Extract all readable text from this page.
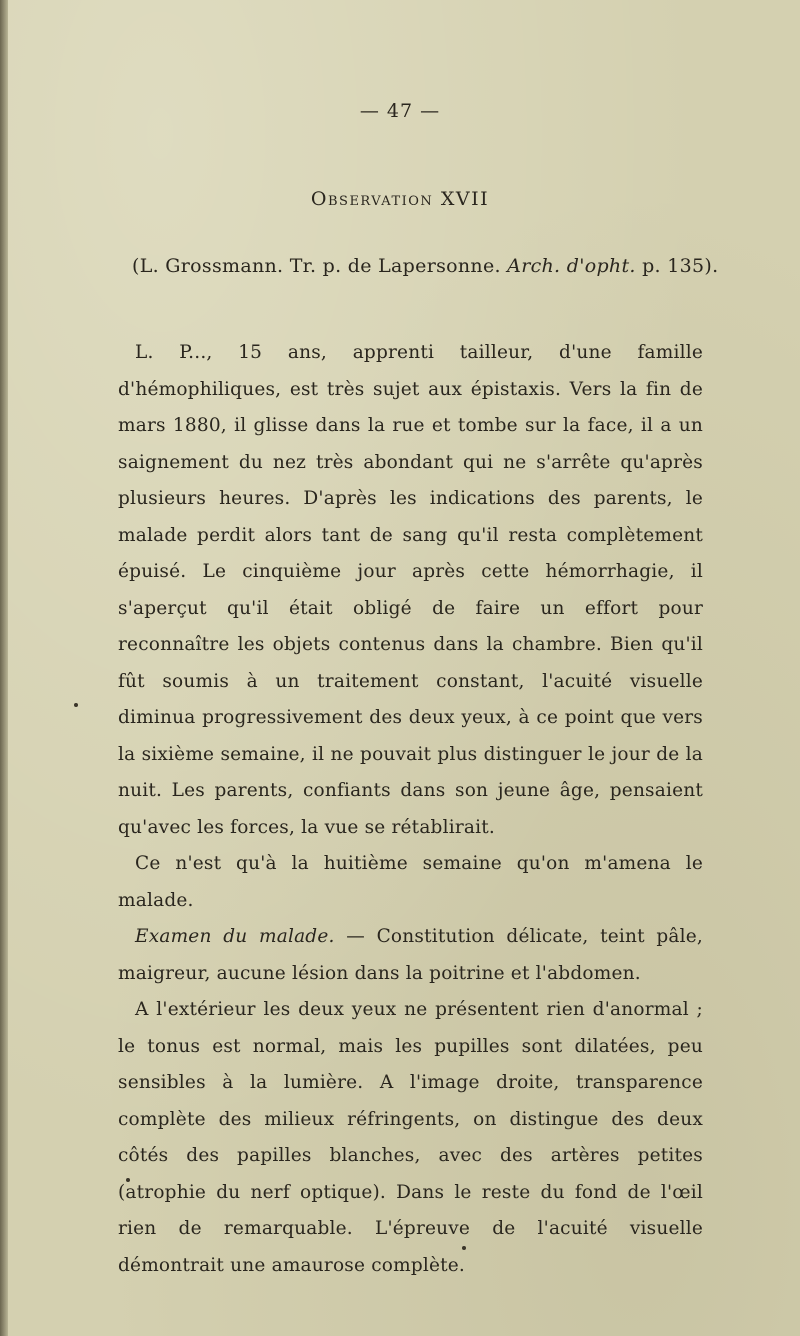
— 47 —
Observation XVII
(L. Grossmann. Tr. p. de Lapersonne. Arch. d'opht. p. 135).

L. P..., 15 ans, apprenti tailleur, d'une famille d'hémophiliques, est très sujet aux épistaxis. Vers la fin de mars 1880, il glisse dans la rue et tombe sur la face, il a un saignement du nez très abondant qui ne s'arrête qu'après plusieurs heures. D'après les indications des parents, le malade perdit alors tant de sang qu'il resta complètement épuisé. Le cinquième jour après cette hémorrhagie, il s'aperçut qu'il était obligé de faire un effort pour reconnaître les objets contenus dans la chambre. Bien qu'il fût soumis à un traitement constant, l'acuité visuelle diminua progressivement des deux yeux, à ce point que vers la sixième semaine, il ne pouvait plus distinguer le jour de la nuit. Les parents, confiants dans son jeune âge, pensaient qu'avec les forces, la vue se rétablirait.

Ce n'est qu'à la huitième semaine qu'on m'amena le malade.

Examen du malade. — Constitution délicate, teint pâle, maigreur, aucune lésion dans la poitrine et l'abdomen.

A l'extérieur les deux yeux ne présentent rien d'anormal ; le tonus est normal, mais les pupilles sont dilatées, peu sensibles à la lumière. A l'image droite, transparence complète des milieux réfringents, on distingue des deux côtés des papilles blanches, avec des artères petites (atrophie du nerf optique). Dans le reste du fond de l'œil rien de remarquable. L'épreuve de l'acuité visuelle démontrait une amaurose complète.
